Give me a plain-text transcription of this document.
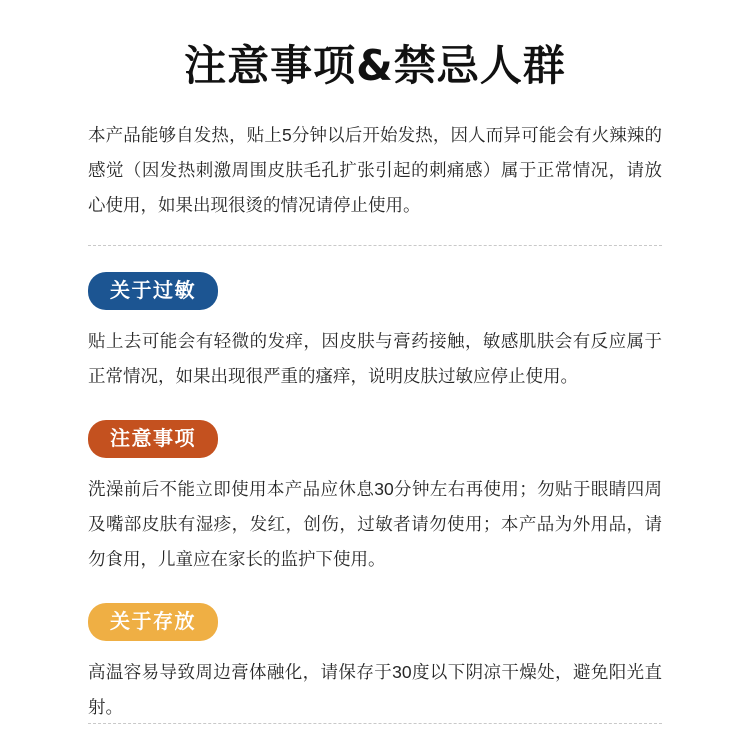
注意事项&禁忌人群

本产品能够自发热，贴上5分钟以后开始发热，因人而异可能会有火辣辣的感觉（因发热刺激周围皮肤毛孔扩张引起的刺痛感）属于正常情况，请放心使用，如果出现很烫的情况请停止使用。

关于过敏

贴上去可能会有轻微的发痒，因皮肤与膏药接触，敏感肌肤会有反应属于正常情况，如果出现很严重的瘙痒，说明皮肤过敏应停止使用。

注意事项

洗澡前后不能立即使用本产品应休息30分钟左右再使用；勿贴于眼睛四周及嘴部皮肤有湿疹，发红，创伤，过敏者请勿使用；本产品为外用品，请勿食用，儿童应在家长的监护下使用。

关于存放

高温容易导致周边膏体融化，请保存于30度以下阴凉干燥处，避免阳光直射。
